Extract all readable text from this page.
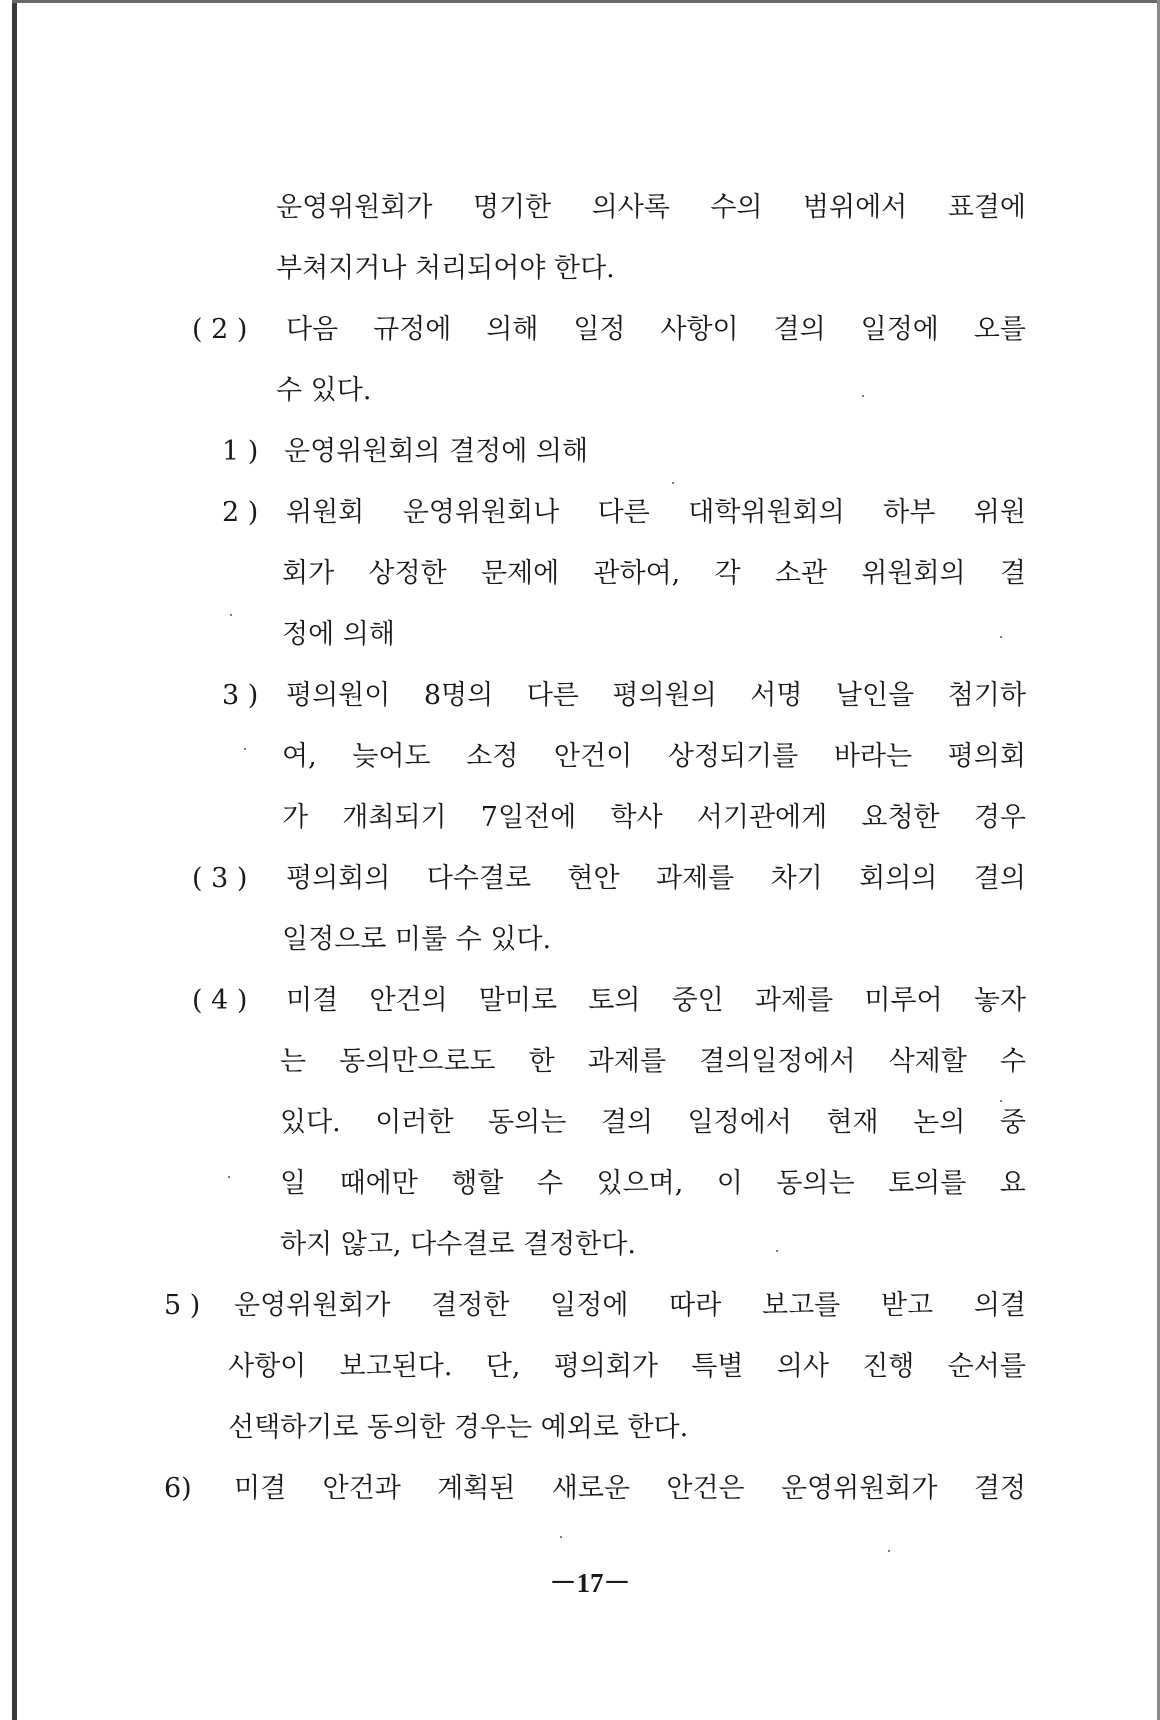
운영위원회가 명기한 의사록 수의 범위에서 표결에
부쳐지거나 처리되어야 한다.
( 2 ) 다음 규정에 의해 일정 사항이 결의 일정에 오를
수 있다.
1 ) 운영위원회의 결정에 의해
2 ) 위원회 운영위원회나 다른 대학위원회의 하부 위원
회가 상정한 문제에 관하여, 각 소관 위원회의 결
정에 의해
3 ) 평의원이 8명의 다른 평의원의 서명 날인을 첨기하
여, 늦어도 소정 안건이 상정되기를 바라는 평의회
가 개최되기 7일전에 학사 서기관에게 요청한 경우
( 3 ) 평의회의 다수결로 현안 과제를 차기 회의의 결의
일정으로 미룰 수 있다.
( 4 ) 미결 안건의 말미로 토의 중인 과제를 미루어 놓자
는 동의만으로도 한 과제를 결의일정에서 삭제할 수
있다. 이러한 동의는 결의 일정에서 현재 논의 중
일 때에만 행할 수 있으며, 이 동의는 토의를 요
하지 않고, 다수결로 결정한다.
5 ) 운영위원회가 결정한 일정에 따라 보고를 받고 의결
사항이 보고된다. 단, 평의회가 특별 의사 진행 순서를
선택하기로 동의한 경우는 예외로 한다.
6) 미결 안건과 계획된 새로운 안건은 운영위원회가 결정
－17－
